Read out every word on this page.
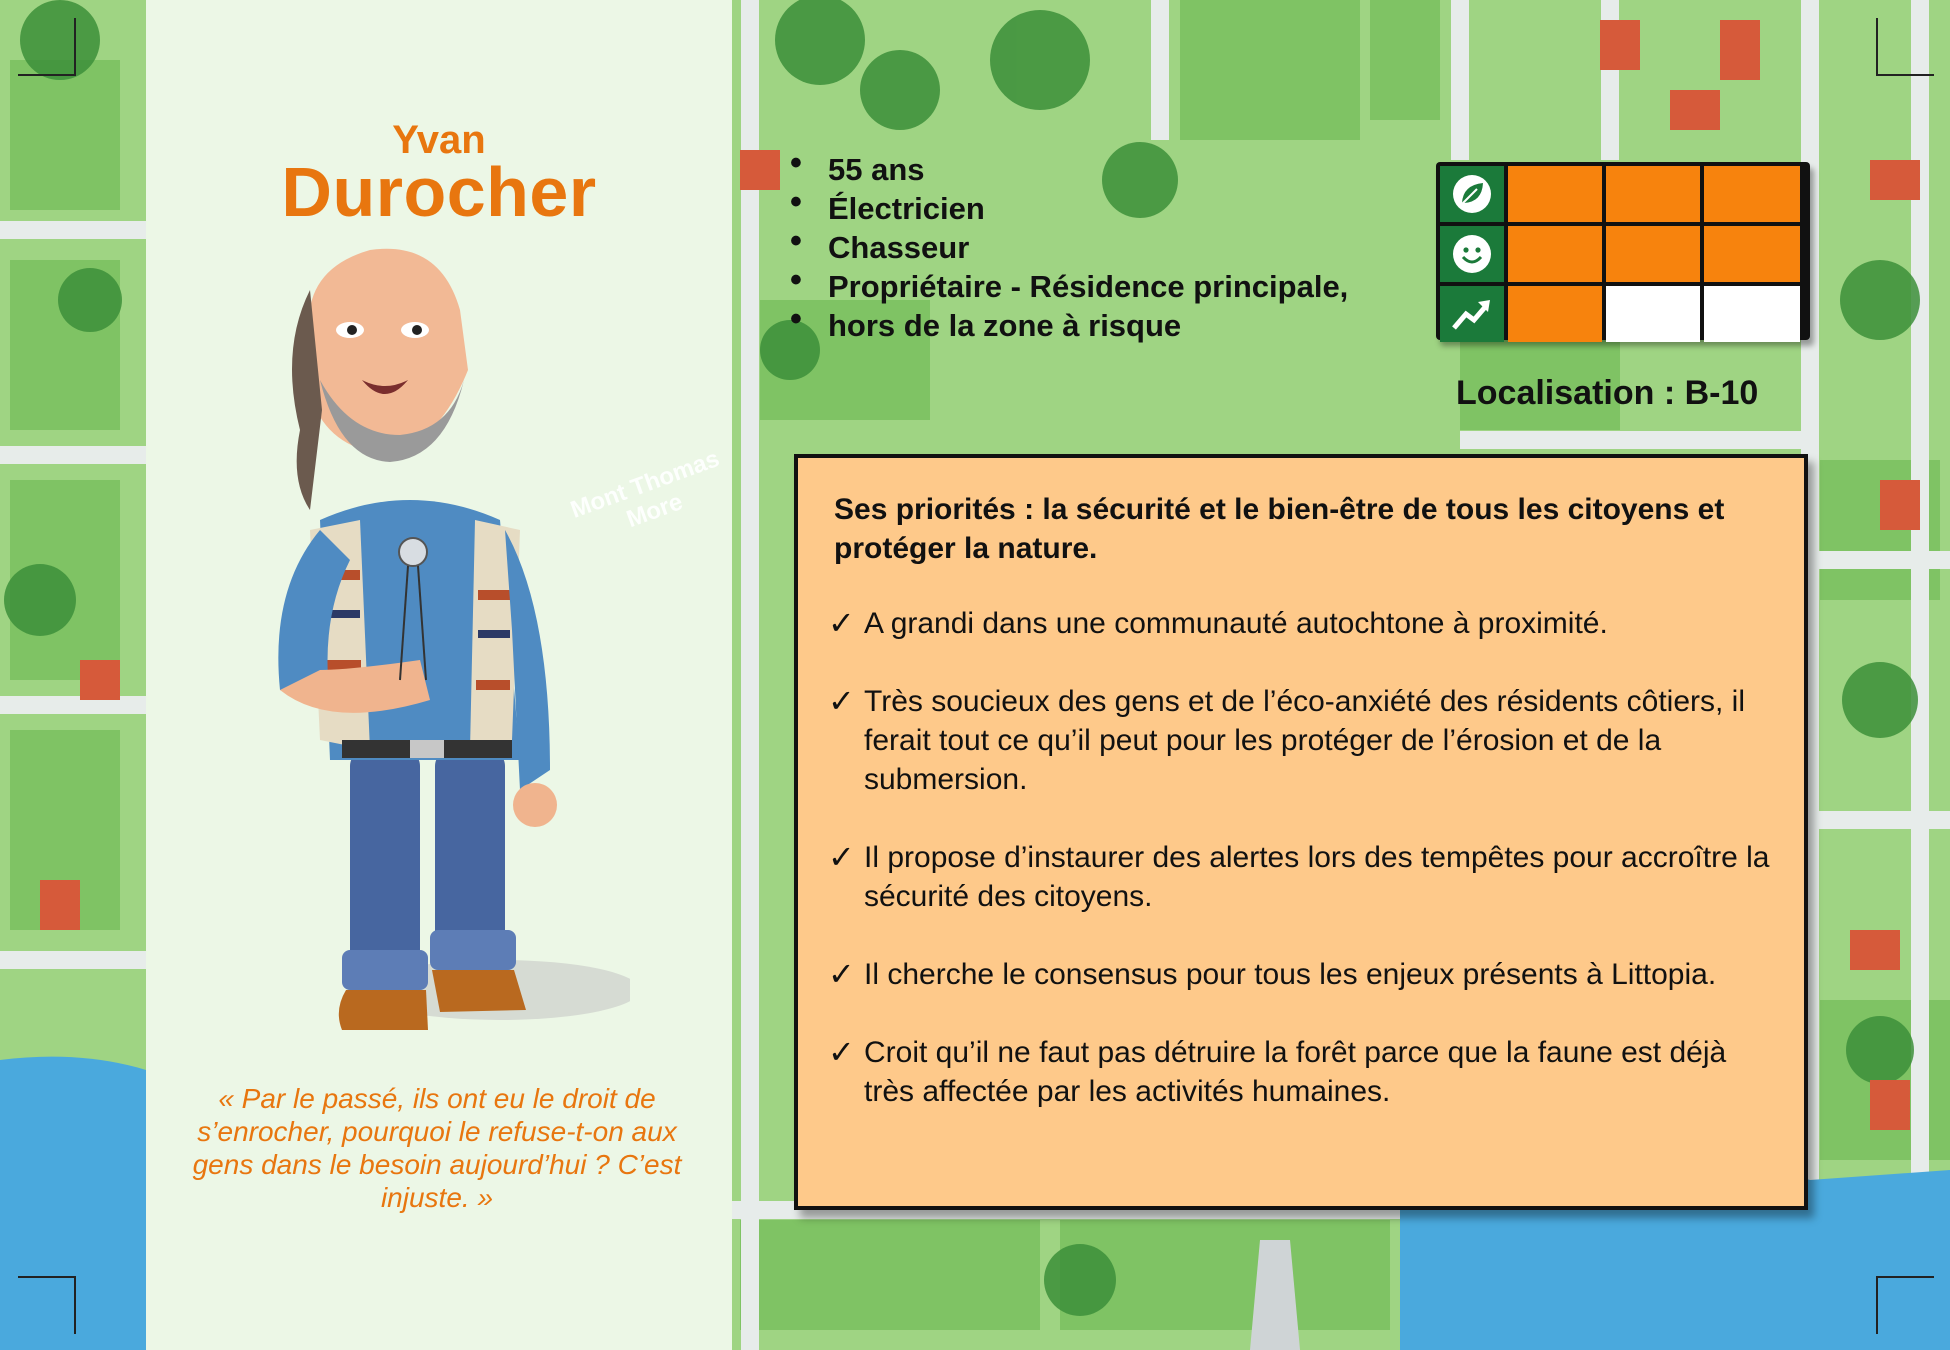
Yvan
Durocher
« Par le passé, ils ont eu le droit de s’enrocher, pourquoi le refuse-t-on aux gens dans le besoin aujourd’hui ? C’est injuste. »
• 55 ans
• Électricien
• Chasseur
• Propriétaire - Résidence principale,
• hors de la zone à risque
Localisation : B-10
Ses priorités : la sécurité et le bien-être de tous les citoyens et protéger la nature.
✓ A grandi dans une communauté autochtone à proximité.
✓ Très soucieux des gens et de l’éco-anxiété des résidents côtiers, il ferait tout ce qu’il peut pour les protéger de l’érosion et de la submersion.
✓ Il propose d’instaurer des alertes lors des tempêtes pour accroître la sécurité des citoyens.
✓ Il cherche le consensus pour tous les enjeux présents à Littopia.
✓ Croit qu’il ne faut pas détruire la forêt parce que la faune est déjà très affectée par les activités humaines.
Mont Thomas More
